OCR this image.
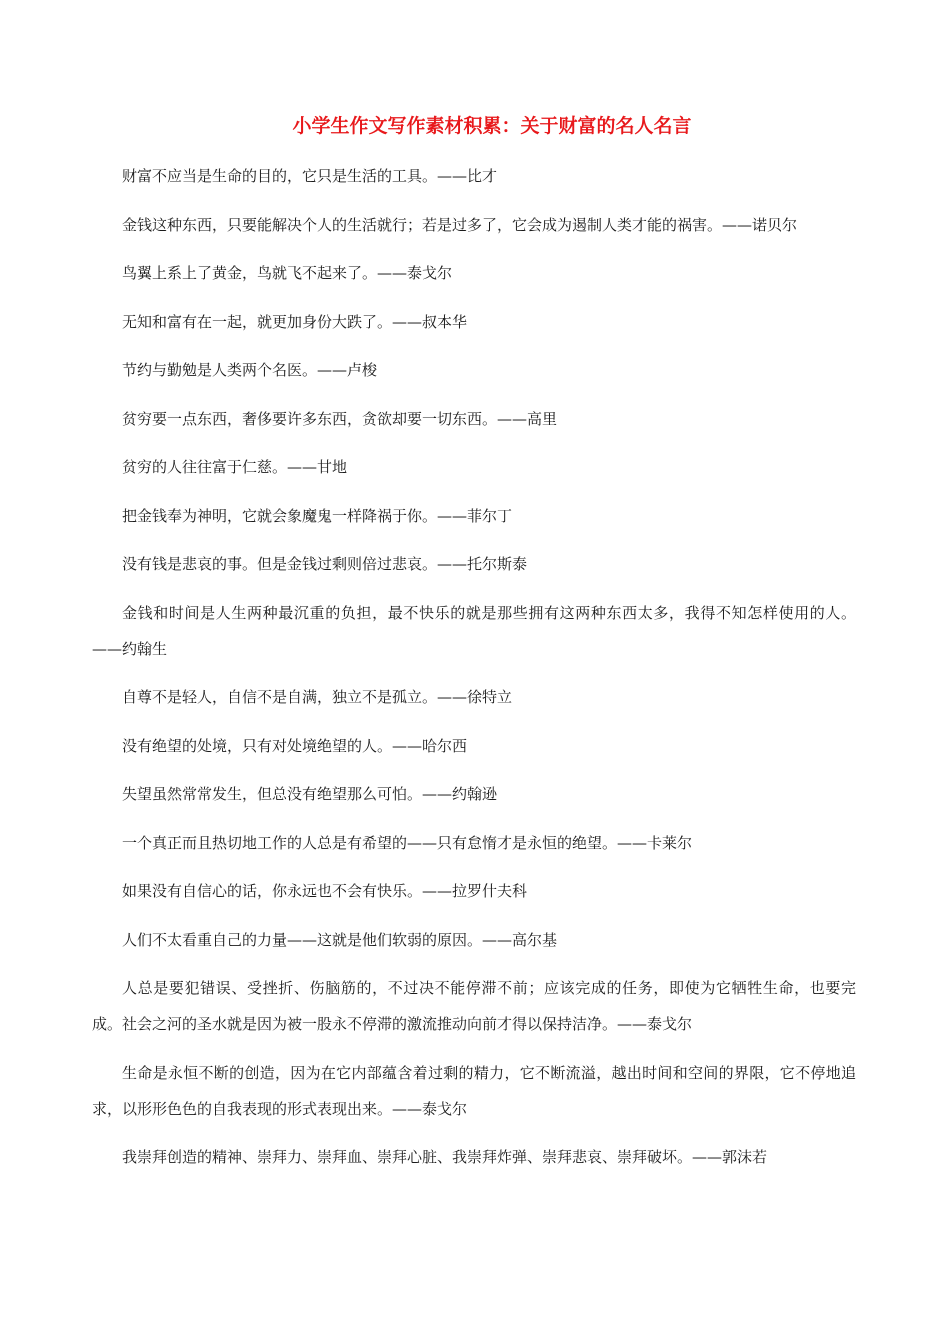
小学生作文写作素材积累：关于财富的名人名言

财富不应当是生命的目的，它只是生活的工具。——比才

金钱这种东西，只要能解决个人的生活就行；若是过多了，它会成为遏制人类才能的祸害。——诺贝尔

鸟翼上系上了黄金，鸟就飞不起来了。——泰戈尔

无知和富有在一起，就更加身份大跌了。——叔本华

节约与勤勉是人类两个名医。——卢梭

贫穷要一点东西，奢侈要许多东西，贪欲却要一切东西。——高里

贫穷的人往往富于仁慈。——甘地

把金钱奉为神明，它就会象魔鬼一样降祸于你。——菲尔丁

没有钱是悲哀的事。但是金钱过剩则倍过悲哀。——托尔斯泰

金钱和时间是人生两种最沉重的负担，最不快乐的就是那些拥有这两种东西太多，我得不知怎样使用的人。——约翰生

自尊不是轻人，自信不是自满，独立不是孤立。——徐特立

没有绝望的处境，只有对处境绝望的人。——哈尔西

失望虽然常常发生，但总没有绝望那么可怕。——约翰逊

一个真正而且热切地工作的人总是有希望的——只有怠惰才是永恒的绝望。——卡莱尔

如果没有自信心的话，你永远也不会有快乐。——拉罗什夫科

人们不太看重自己的力量——这就是他们软弱的原因。——高尔基

人总是要犯错误、受挫折、伤脑筋的，不过决不能停滞不前；应该完成的任务，即使为它牺牲生命，也要完成。社会之河的圣水就是因为被一股永不停滞的激流推动向前才得以保持洁净。——泰戈尔

生命是永恒不断的创造，因为在它内部蕴含着过剩的精力，它不断流溢，越出时间和空间的界限，它不停地追求，以形形色色的自我表现的形式表现出来。——泰戈尔

我崇拜创造的精神、崇拜力、崇拜血、崇拜心脏、我崇拜炸弹、崇拜悲哀、崇拜破坏。——郭沫若
